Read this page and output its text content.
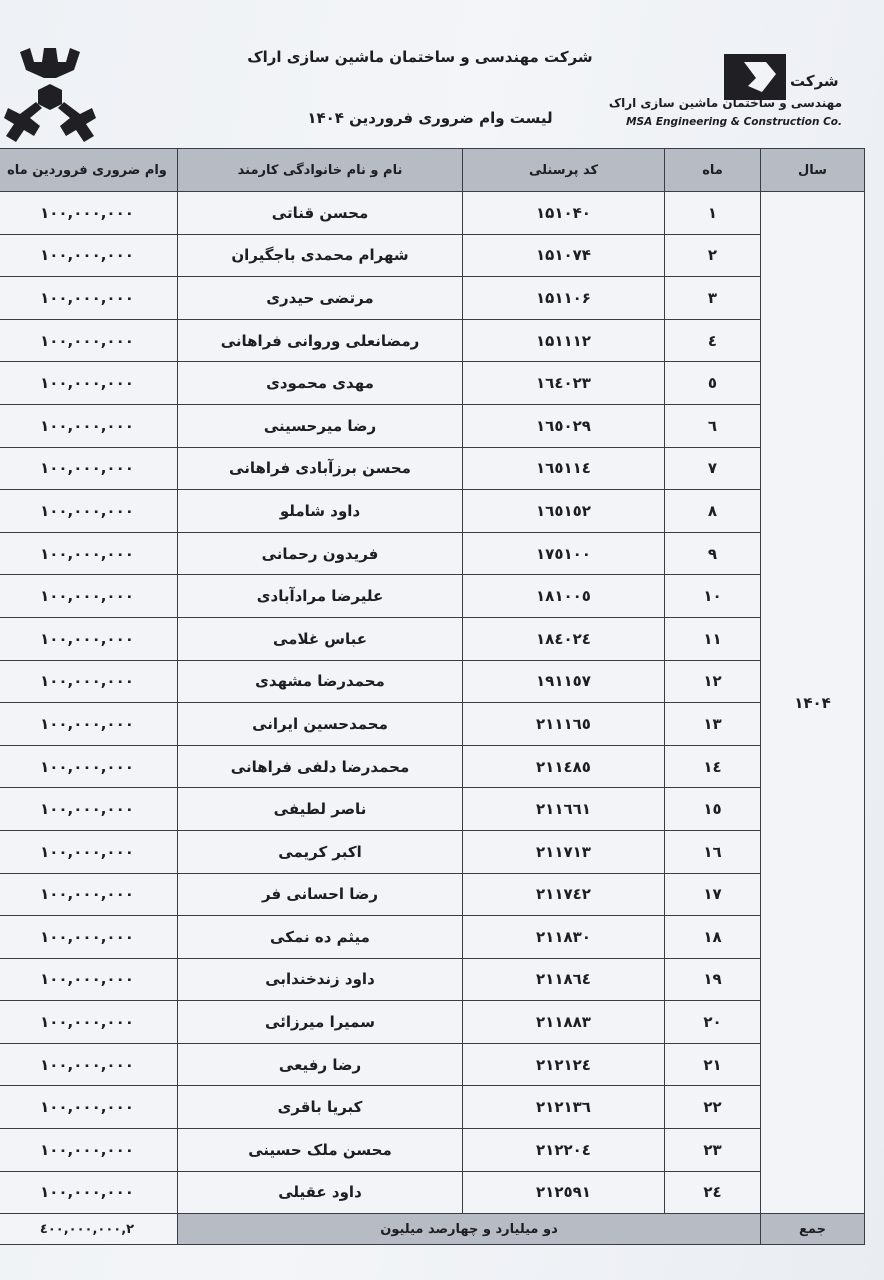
شرکت مهندسی و ساختمان ماشین سازی اراک
لیست وام ضروری فروردین ۱۴۰۴
شرکت
مهندسی و ساختمان ماشین سازی اراک
MSA Engineering & Construction Co.
سال	ماه	کد پرسنلی	نام و نام خانوادگی کارمند	وام ضروری فروردین ماه
۱۴۰۴	۱	۱۵۱۰۴۰	محسن قناتی	۱۰۰,۰۰۰,۰۰۰
	۲	۱۵۱۰۷۴	شهرام محمدی باجگیران	۱۰۰,۰۰۰,۰۰۰
	۳	۱۵۱۱۰۶	مرتضی حیدری	۱۰۰,۰۰۰,۰۰۰
	٤	۱۵۱۱۱۲	رمضانعلی وروانی فراهانی	۱۰۰,۰۰۰,۰۰۰
	٥	۱٦٤۰۲۳	مهدی محمودی	۱۰۰,۰۰۰,۰۰۰
	٦	۱٦٥۰۲۹	رضا میرحسینی	۱۰۰,۰۰۰,۰۰۰
	۷	۱٦٥۱۱٤	محسن برزآبادی فراهانی	۱۰۰,۰۰۰,۰۰۰
	۸	۱٦٥۱٥۲	داود شاملو	۱۰۰,۰۰۰,۰۰۰
	۹	۱۷٥۱۰۰	فریدون رحمانی	۱۰۰,۰۰۰,۰۰۰
	۱۰	۱۸۱۰۰٥	علیرضا مرادآبادی	۱۰۰,۰۰۰,۰۰۰
	۱۱	۱۸٤۰۲٤	عباس غلامی	۱۰۰,۰۰۰,۰۰۰
	۱۲	۱۹۱۱٥۷	محمدرضا مشهدی	۱۰۰,۰۰۰,۰۰۰
	۱۳	۲۱۱۱٦٥	محمدحسین ایرانی	۱۰۰,۰۰۰,۰۰۰
	۱٤	۲۱۱٤۸٥	محمدرضا دلفی فراهانی	۱۰۰,۰۰۰,۰۰۰
	۱٥	۲۱۱٦٦۱	ناصر لطیفی	۱۰۰,۰۰۰,۰۰۰
	۱٦	۲۱۱۷۱۳	اکبر کریمی	۱۰۰,۰۰۰,۰۰۰
	۱۷	۲۱۱۷٤۲	رضا احسانی فر	۱۰۰,۰۰۰,۰۰۰
	۱۸	۲۱۱۸۳۰	میثم ده نمکی	۱۰۰,۰۰۰,۰۰۰
	۱۹	۲۱۱۸٦٤	داود زندخندابی	۱۰۰,۰۰۰,۰۰۰
	۲۰	۲۱۱۸۸۳	سمیرا میرزائی	۱۰۰,۰۰۰,۰۰۰
	۲۱	۲۱۲۱۲٤	رضا رفیعی	۱۰۰,۰۰۰,۰۰۰
	۲۲	۲۱۲۱۳٦	کبریا باقری	۱۰۰,۰۰۰,۰۰۰
	۲۳	۲۱۲۲۰٤	محسن ملک حسینی	۱۰۰,۰۰۰,۰۰۰
	۲٤	۲۱۲٥۹۱	داود عقیلی	۱۰۰,۰۰۰,۰۰۰
جمع	دو میلیارد و چهارصد میلیون			۲,٤۰۰,۰۰۰,۰۰۰
